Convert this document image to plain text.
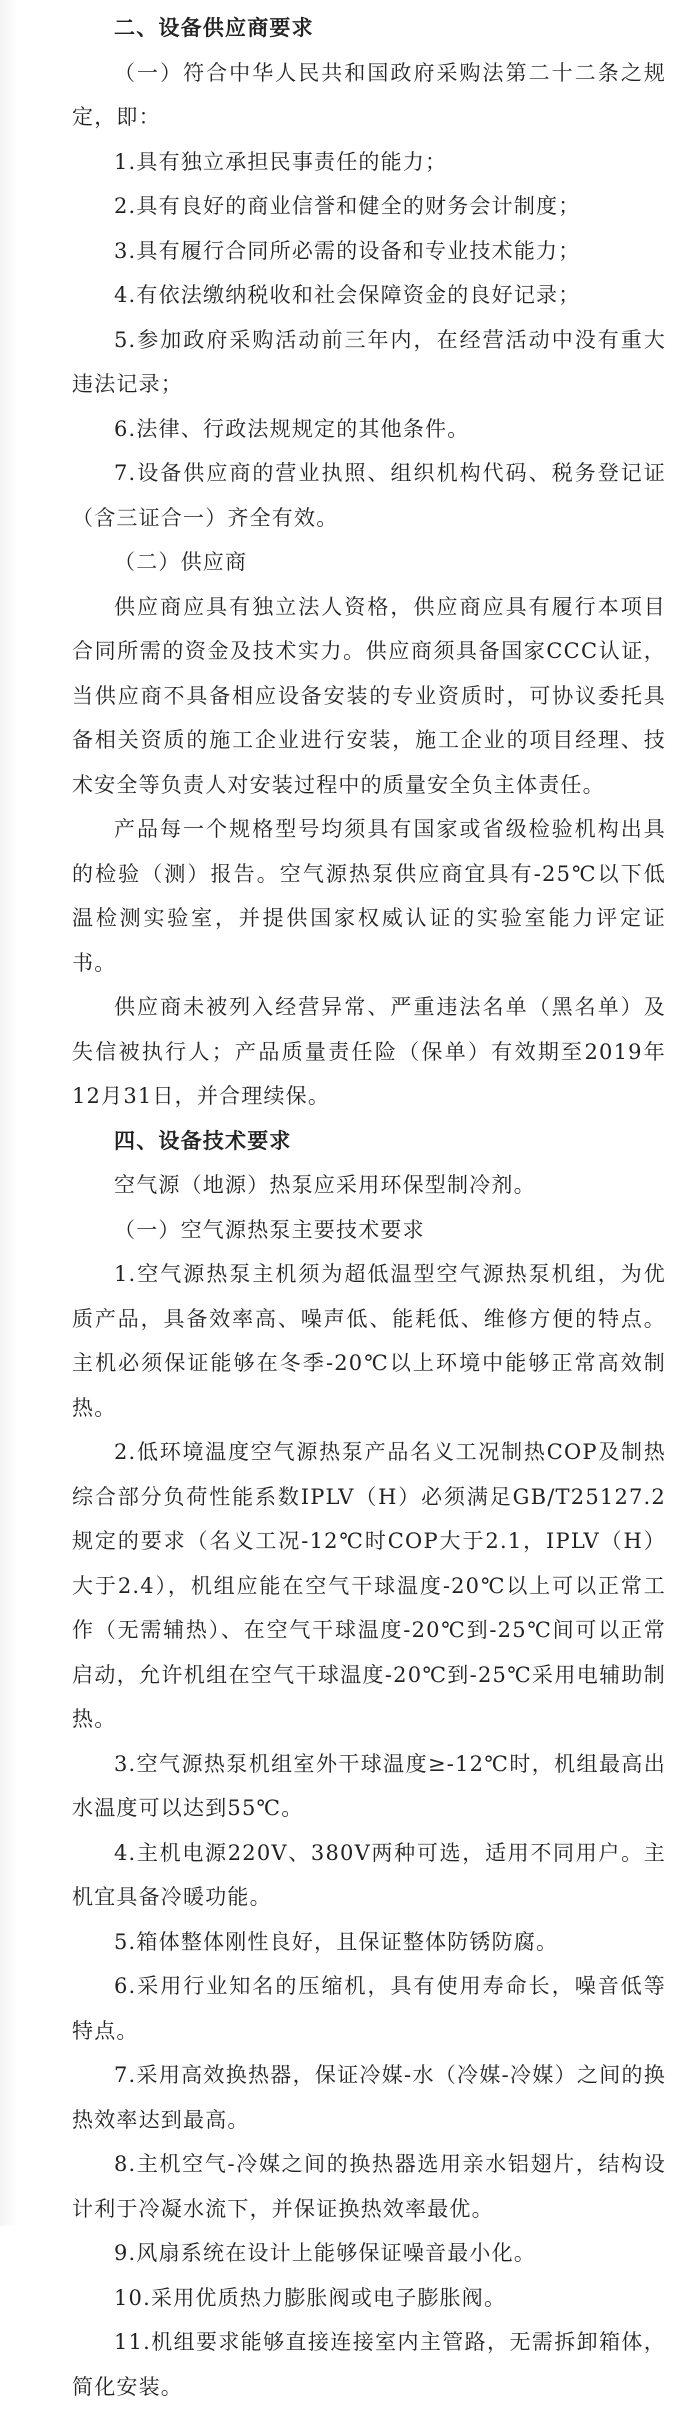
二、设备供应商要求

（一）符合中华人民共和国政府采购法第二十二条之规定，即：

1.具有独立承担民事责任的能力；

2.具有良好的商业信誉和健全的财务会计制度；

3.具有履行合同所必需的设备和专业技术能力；

4.有依法缴纳税收和社会保障资金的良好记录；

5.参加政府采购活动前三年内，在经营活动中没有重大违法记录；

6.法律、行政法规规定的其他条件。

7.设备供应商的营业执照、组织机构代码、税务登记证（含三证合一）齐全有效。

（二）供应商

供应商应具有独立法人资格，供应商应具有履行本项目合同所需的资金及技术实力。供应商须具备国家CCC认证，当供应商不具备相应设备安装的专业资质时，可协议委托具备相关资质的施工企业进行安装，施工企业的项目经理、技术安全等负责人对安装过程中的质量安全负主体责任。

产品每一个规格型号均须具有国家或省级检验机构出具的检验（测）报告。空气源热泵供应商宜具有-25℃以下低温检测实验室，并提供国家权威认证的实验室能力评定证书。

供应商未被列入经营异常、严重违法名单（黑名单）及失信被执行人；产品质量责任险（保单）有效期至2019年12月31日，并合理续保。

四、设备技术要求

空气源（地源）热泵应采用环保型制冷剂。

（一）空气源热泵主要技术要求

1.空气源热泵主机须为超低温型空气源热泵机组，为优质产品，具备效率高、噪声低、能耗低、维修方便的特点。主机必须保证能够在冬季-20℃以上环境中能够正常高效制热。

2.低环境温度空气源热泵产品名义工况制热COP及制热综合部分负荷性能系数IPLV（H）必须满足GB/T25127.2规定的要求（名义工况-12℃时COP大于2.1，IPLV（H）大于2.4），机组应能在空气干球温度-20℃以上可以正常工作（无需辅热）、在空气干球温度-20℃到-25℃间可以正常启动，允许机组在空气干球温度-20℃到-25℃采用电辅助制热。

3.空气源热泵机组室外干球温度≥-12℃时，机组最高出水温度可以达到55℃。

4.主机电源220V、380V两种可选，适用不同用户。主机宜具备冷暖功能。

5.箱体整体刚性良好，且保证整体防锈防腐。

6.采用行业知名的压缩机，具有使用寿命长，噪音低等特点。

7.采用高效换热器，保证冷媒-水（冷媒-冷媒）之间的换热效率达到最高。

8.主机空气-冷媒之间的换热器选用亲水铝翅片，结构设计利于冷凝水流下，并保证换热效率最优。

9.风扇系统在设计上能够保证噪音最小化。

10.采用优质热力膨胀阀或电子膨胀阀。

11.机组要求能够直接连接室内主管路，无需拆卸箱体，简化安装。
